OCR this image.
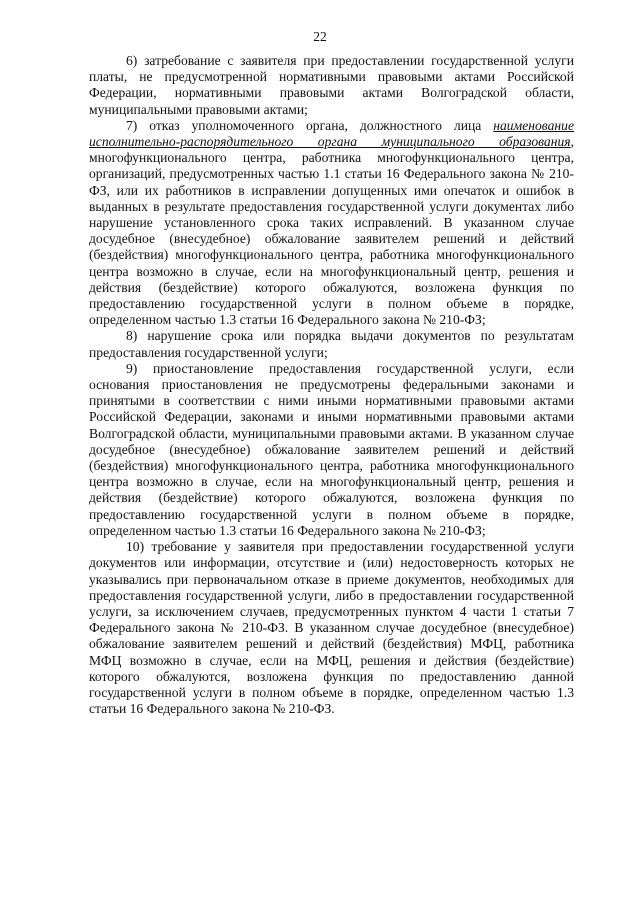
22

6) затребование с заявителя при предоставлении государственной услуги платы, не предусмотренной нормативными правовыми актами Российской Федерации, нормативными правовыми актами Волгоградской области, муниципальными правовыми актами;

7) отказ уполномоченного органа, должностного лица наименование исполнительно-распорядительного органа муниципального образования, многофункционального центра, работника многофункционального центра, организаций, предусмотренных частью 1.1 статьи 16 Федерального закона № 210-ФЗ, или их работников в исправлении допущенных ими опечаток и ошибок в выданных в результате предоставления государственной услуги документах либо нарушение установленного срока таких исправлений. В указанном случае досудебное (внесудебное) обжалование заявителем решений и действий (бездействия) многофункционального центра, работника многофункционального центра возможно в случае, если на многофункциональный центр, решения и действия (бездействие) которого обжалуются, возложена функция по предоставлению государственной услуги в полном объеме в порядке, определенном частью 1.3 статьи 16 Федерального закона № 210-ФЗ;

8) нарушение срока или порядка выдачи документов по результатам предоставления государственной услуги;

9) приостановление предоставления государственной услуги, если основания приостановления не предусмотрены федеральными законами и принятыми в соответствии с ними иными нормативными правовыми актами Российской Федерации, законами и иными нормативными правовыми актами Волгоградской области, муниципальными правовыми актами. В указанном случае досудебное (внесудебное) обжалование заявителем решений и действий (бездействия) многофункционального центра, работника многофункционального центра возможно в случае, если на многофункциональный центр, решения и действия (бездействие) которого обжалуются, возложена функция по предоставлению государственной услуги в полном объеме в порядке, определенном частью 1.3 статьи 16 Федерального закона № 210-ФЗ;

10) требование у заявителя при предоставлении государственной услуги документов или информации, отсутствие и (или) недостоверность которых не указывались при первоначальном отказе в приеме документов, необходимых для предоставления государственной услуги, либо в предоставлении государственной услуги, за исключением случаев, предусмотренных пунктом 4 части 1 статьи 7 Федерального закона № 210-ФЗ. В указанном случае досудебное (внесудебное) обжалование заявителем решений и действий (бездействия) МФЦ, работника МФЦ возможно в случае, если на МФЦ, решения и действия (бездействие) которого обжалуются, возложена функция по предоставлению данной государственной услуги в полном объеме в порядке, определенном частью 1.3 статьи 16 Федерального закона № 210-ФЗ.
